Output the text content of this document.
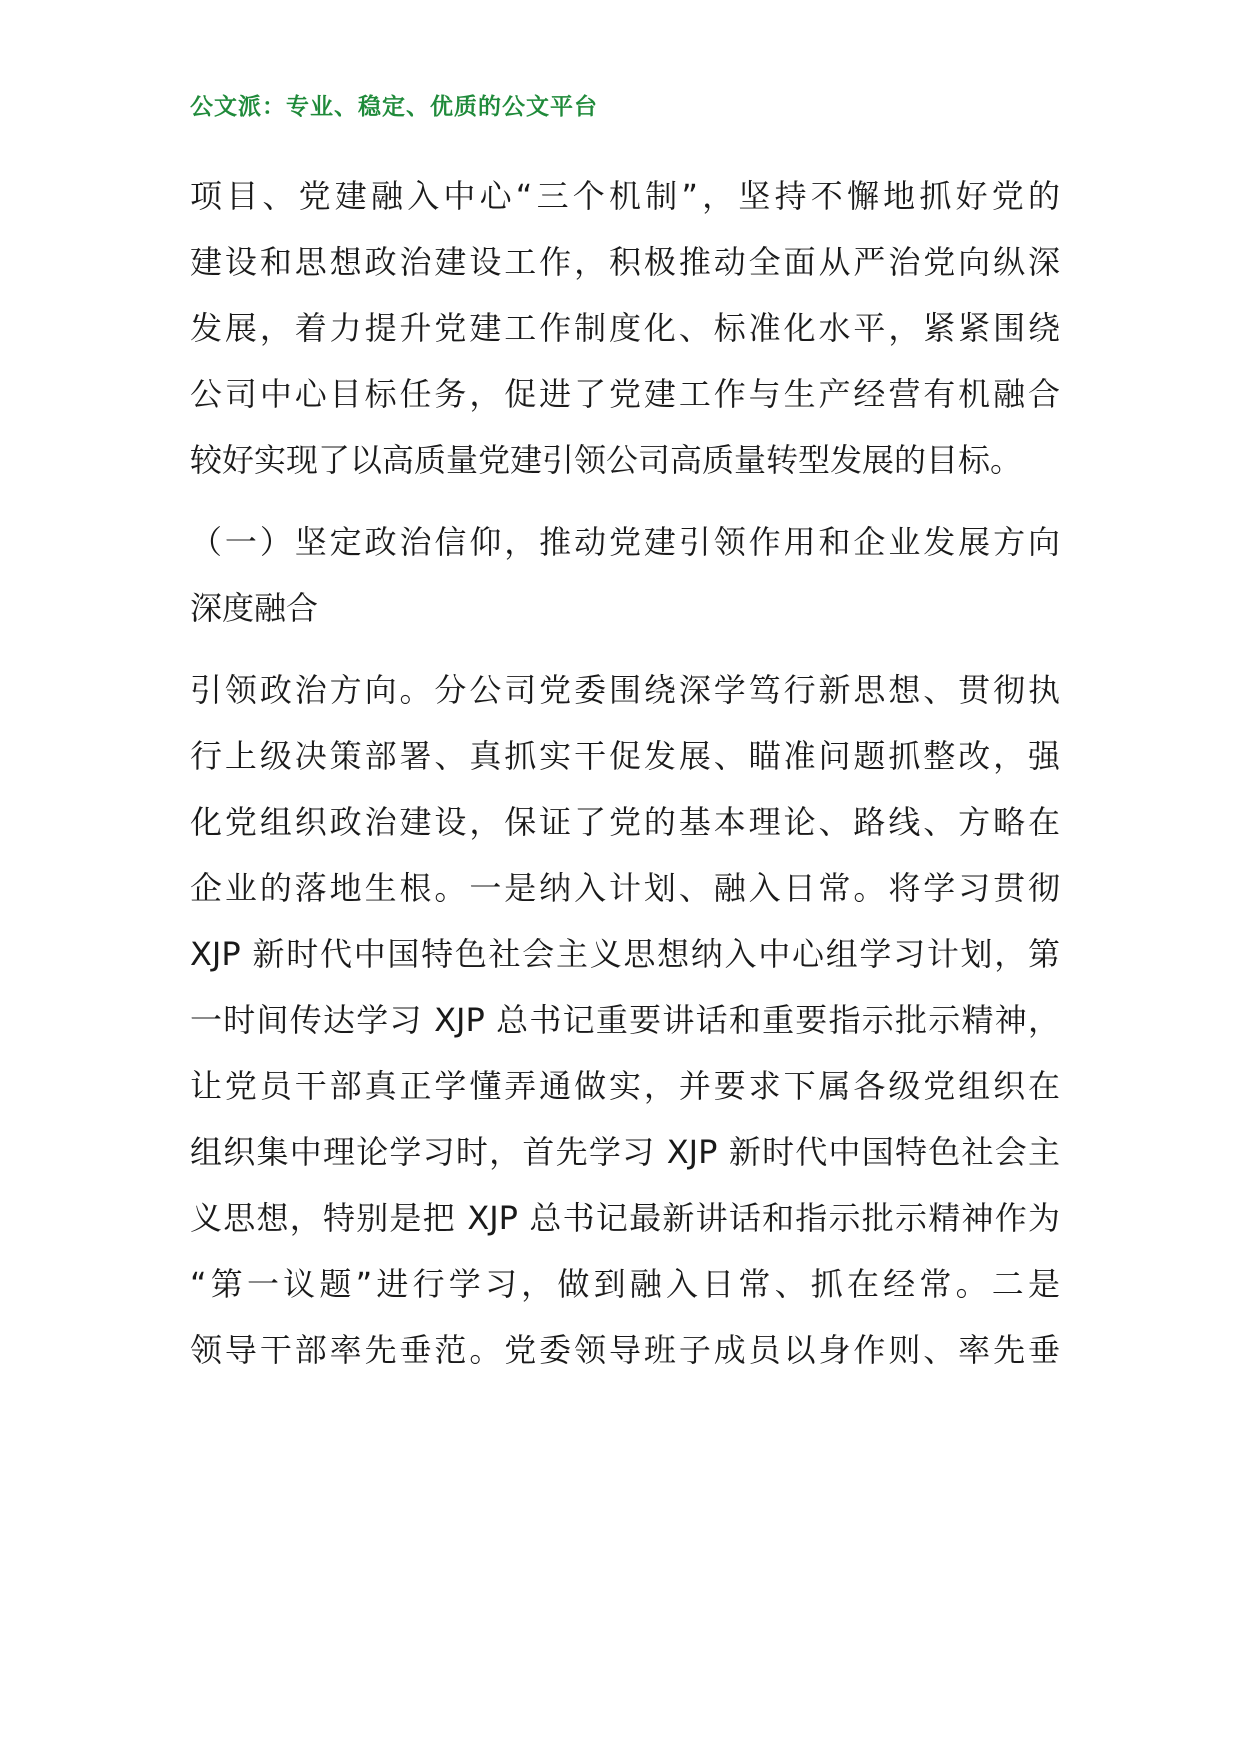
公文派：专业、稳定、优质的公文平台
项目、党建融入中心“三个机制”，坚持不懈地抓好党的
建设和思想政治建设工作，积极推动全面从严治党向纵深
发展，着力提升党建工作制度化、标准化水平，紧紧围绕
公司中心目标任务，促进了党建工作与生产经营有机融合
较好实现了以高质量党建引领公司高质量转型发展的目标。
（一）坚定政治信仰，推动党建引领作用和企业发展方向
深度融合
引领政治方向。分公司党委围绕深学笃行新思想、贯彻执
行上级决策部署、真抓实干促发展、瞄准问题抓整改，强
化党组织政治建设，保证了党的基本理论、路线、方略在
企业的落地生根。一是纳入计划、融入日常。将学习贯彻
XJP 新时代中国特色社会主义思想纳入中心组学习计划，第
一时间传达学习 XJP 总书记重要讲话和重要指示批示精神，
让党员干部真正学懂弄通做实，并要求下属各级党组织在
组织集中理论学习时，首先学习 XJP 新时代中国特色社会主
义思想，特别是把 XJP 总书记最新讲话和指示批示精神作为
“第一议题”进行学习，做到融入日常、抓在经常。二是
领导干部率先垂范。党委领导班子成员以身作则、率先垂
